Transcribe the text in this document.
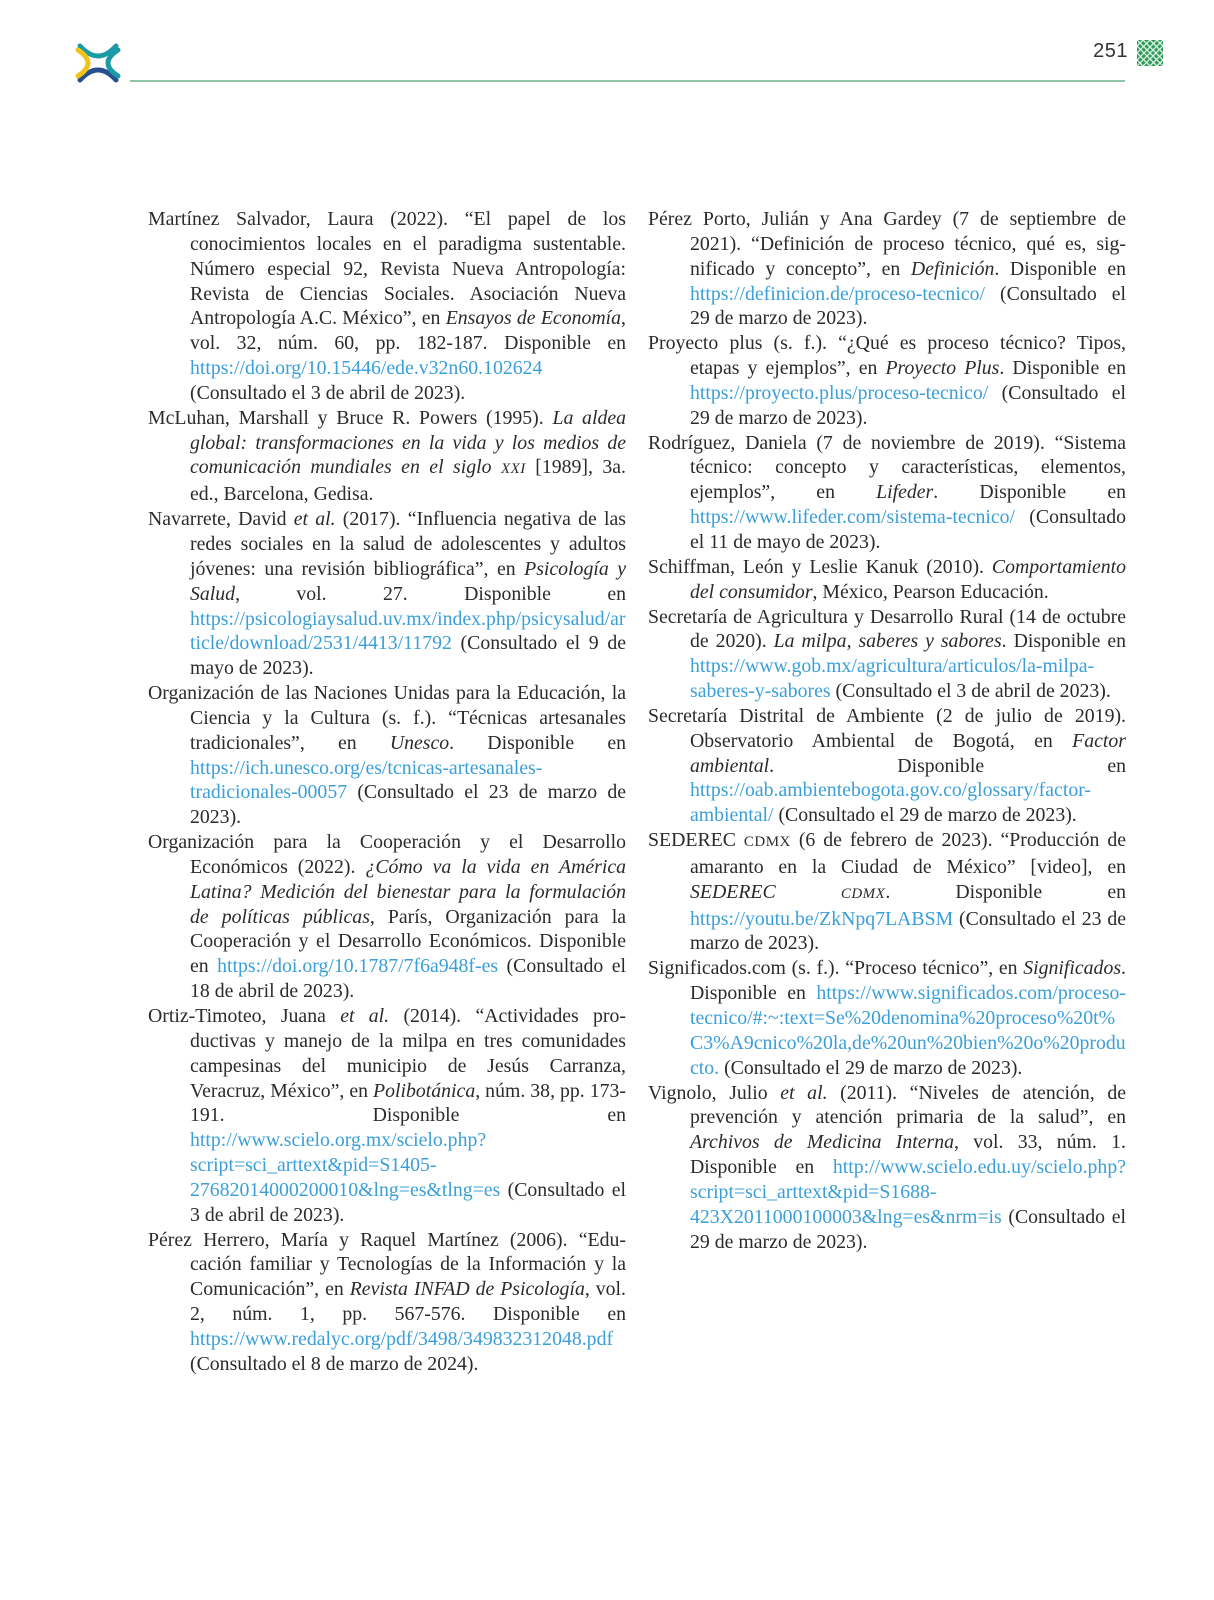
251

Martínez Salvador, Laura (2022). “El papel de los conocimientos locales en el paradigma sustentable. Número especial 92, Revista Nueva Antropología: Revista de Ciencias Sociales. Asociación Nueva Antropología A.C. México”, en Ensayos de Economía, vol. 32, núm. 60, pp. 182-187. Disponible en https://doi.org/10.15446/ede.v32n60.102624 (Consultado el 3 de abril de 2023).

McLuhan, Marshall y Bruce R. Powers (1995). La aldea global: transformaciones en la vida y los medios de comunicación mundiales en el siglo XXI [1989], 3a. ed., Barcelona, Gedisa.

Navarrete, David et al. (2017). “Influencia negativa de las redes sociales en la salud de adolescentes y adultos jóvenes: una revisión bibliográfica”, en Psicología y Salud, vol. 27. Disponible en https://psicologiaysalud.uv.mx/index.php/psicysalud/article/download/2531/4413/11792 (Consultado el 9 de mayo de 2023).

Organización de las Naciones Unidas para la Educación, la Ciencia y la Cultura (s. f.). “Técnicas artesanales tradicionales”, en Unesco. Disponible en https://ich.unesco.org/es/tcnicas-artesanales-tradicionales-00057 (Consultado el 23 de marzo de 2023).

Organización para la Cooperación y el Desarrollo Económicos (2022). ¿Cómo va la vida en América Latina? Medición del bienestar para la formulación de políticas públicas, París, Organización para la Cooperación y el Desarrollo Económicos. Disponible en https://doi.org/10.1787/7f6a948f-es (Consultado el 18 de abril de 2023).

Ortiz-Timoteo, Juana et al. (2014). “Actividades productivas y manejo de la milpa en tres comunidades campesinas del municipio de Jesús Carranza, Veracruz, México”, en Polibotánica, núm. 38, pp. 173-191. Disponible en http://www.scielo.org.mx/scielo.php?script=sci_arttext&pid=S1405-27682014000200010&lng=es&tlng=es (Consultado el 3 de abril de 2023).

Pérez Herrero, María y Raquel Martínez (2006). “Educación familiar y Tecnologías de la Información y la Comunicación”, en Revista INFAD de Psicología, vol. 2, núm. 1, pp. 567-576. Disponible en https://www.redalyc.org/pdf/3498/349832312048.pdf (Consultado el 8 de marzo de 2024).

Pérez Porto, Julián y Ana Gardey (7 de septiembre de 2021). “Definición de proceso técnico, qué es, significado y concepto”, en Definición. Disponible en https://definicion.de/proceso-tecnico/ (Consultado el 29 de marzo de 2023).

Proyecto plus (s. f.). “¿Qué es proceso técnico? Tipos, etapas y ejemplos”, en Proyecto Plus. Disponible en https://proyecto.plus/proceso-tecnico/ (Consultado el 29 de marzo de 2023).

Rodríguez, Daniela (7 de noviembre de 2019). “Sistema técnico: concepto y características, elementos, ejemplos”, en Lifeder. Disponible en https://www.lifeder.com/sistema-tecnico/ (Consultado el 11 de mayo de 2023).

Schiffman, León y Leslie Kanuk (2010). Comportamiento del consumidor, México, Pearson Educación.

Secretaría de Agricultura y Desarrollo Rural (14 de octubre de 2020). La milpa, saberes y sabores. Disponible en https://www.gob.mx/agricultura/articulos/la-milpa-saberes-y-sabores (Consultado el 3 de abril de 2023).

Secretaría Distrital de Ambiente (2 de julio de 2019). Observatorio Ambiental de Bogotá, en Factor ambiental. Disponible en https://oab.ambientebogota.gov.co/glossary/factor-ambiental/ (Consultado el 29 de marzo de 2023).

SEDEREC CDMX (6 de febrero de 2023). “Producción de amaranto en la Ciudad de México” [video], en SEDEREC CDMX. Disponible en https://youtu.be/ZkNpq7LABSM (Consultado el 23 de marzo de 2023).

Significados.com (s. f.). “Proceso técnico”, en Significados. Disponible en https://www.significados.com/proceso-tecnico/#:~:text=Se%20denomina%20proceso%20t%C3%A9cnico%20la,de%20un%20bien%20o%20producto. (Consultado el 29 de marzo de 2023).

Vignolo, Julio et al. (2011). “Niveles de atención, de prevención y atención primaria de la salud”, en Archivos de Medicina Interna, vol. 33, núm. 1. Disponible en http://www.scielo.edu.uy/scielo.php?script=sci_arttext&pid=S1688-423X2011000100003&lng=es&nrm=is (Consultado el 29 de marzo de 2023).
